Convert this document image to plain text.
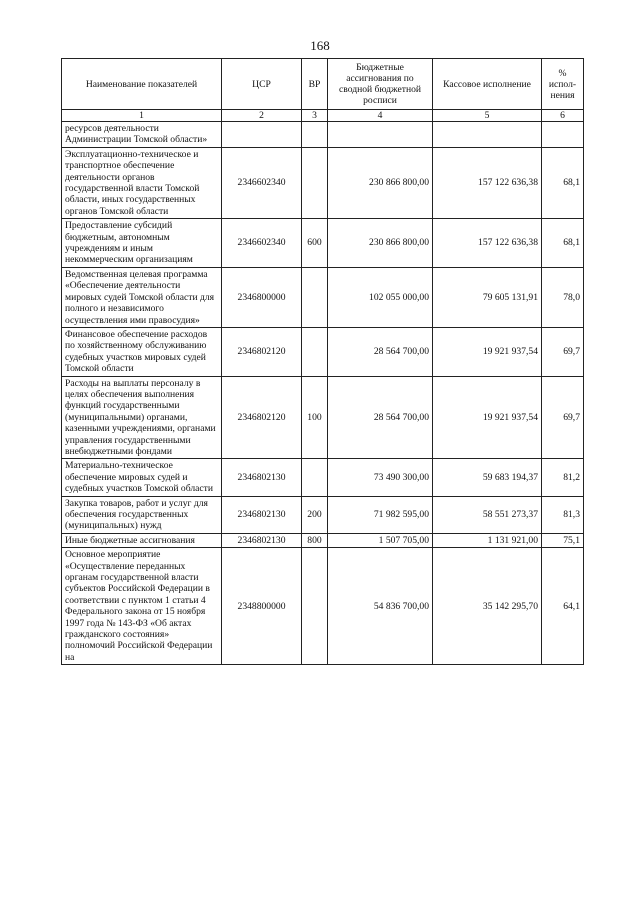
168
Наименование показателей	ЦСР	ВР	Бюджетные ассигнования по сводной бюджетной росписи	Кассовое исполнение	% испол-нения
1	2	3	4	5	6
ресурсов деятельности Администрации Томской области»					
Эксплуатационно-техническое и транспортное обеспечение деятельности органов государственной власти Томской области, иных государственных органов Томской области	2346602340		230 866 800,00	157 122 636,38	68,1
Предоставление субсидий бюджетным, автономным учреждениям и иным некоммерческим организациям	2346602340	600	230 866 800,00	157 122 636,38	68,1
Ведомственная целевая программа «Обеспечение деятельности мировых судей Томской области для полного и независимого осуществления ими правосудия»	2346800000		102 055 000,00	79 605 131,91	78,0
Финансовое обеспечение расходов по хозяйственному обслуживанию судебных участков мировых судей Томской области	2346802120		28 564 700,00	19 921 937,54	69,7
Расходы на выплаты персоналу в целях обеспечения выполнения функций государственными (муниципальными) органами, казенными учреждениями, органами управления государственными внебюджетными фондами	2346802120	100	28 564 700,00	19 921 937,54	69,7
Материально-техническое обеспечение мировых судей и судебных участков Томской области	2346802130		73 490 300,00	59 683 194,37	81,2
Закупка товаров, работ и услуг для обеспечения государственных (муниципальных) нужд	2346802130	200	71 982 595,00	58 551 273,37	81,3
Иные бюджетные ассигнования	2346802130	800	1 507 705,00	1 131 921,00	75,1
Основное мероприятие «Осуществление переданных органам государственной власти субъектов Российской Федерации в соответствии с пунктом 1 статьи 4 Федерального закона от 15 ноября 1997 года № 143-ФЗ «Об актах гражданского состояния» полномочий Российской Федерации на	2348800000		54 836 700,00	35 142 295,70	64,1
